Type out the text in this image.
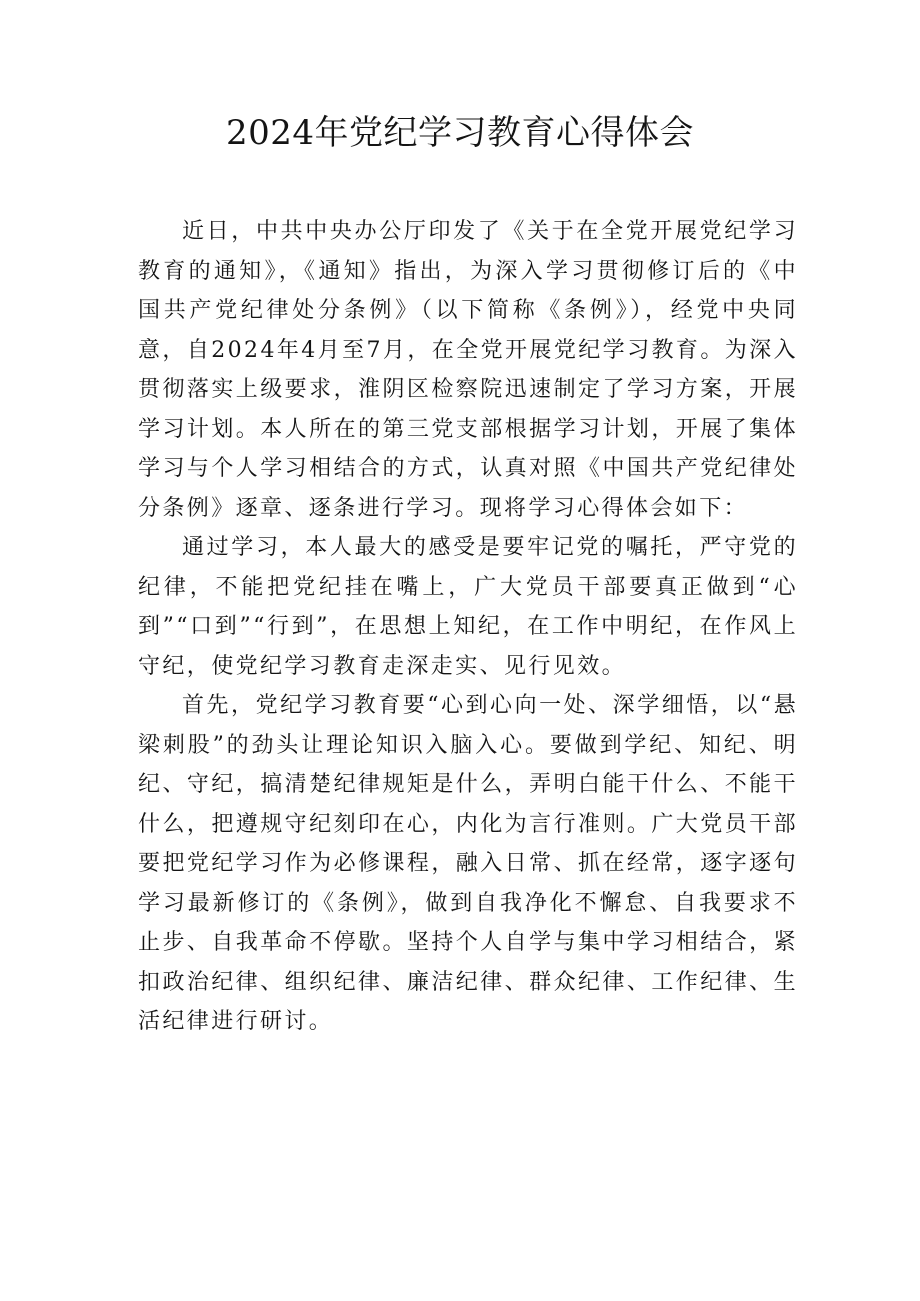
2024年党纪学习教育心得体会

近日，中共中央办公厅印发了《关于在全党开展党纪学习教育的通知》，《通知》指出，为深入学习贯彻修订后的《中国共产党纪律处分条例》（以下简称《条例》），经党中央同意，自2024年4月至7月，在全党开展党纪学习教育。为深入贯彻落实上级要求，淮阴区检察院迅速制定了学习方案，开展学习计划。本人所在的第三党支部根据学习计划，开展了集体学习与个人学习相结合的方式，认真对照《中国共产党纪律处分条例》逐章、逐条进行学习。现将学习心得体会如下：

通过学习，本人最大的感受是要牢记党的嘱托，严守党的纪律，不能把党纪挂在嘴上，广大党员干部要真正做到“心到”“口到”“行到”，在思想上知纪，在工作中明纪，在作风上守纪，使党纪学习教育走深走实、见行见效。

首先，党纪学习教育要“心到心向一处、深学细悟，以“悬梁刺股”的劲头让理论知识入脑入心。要做到学纪、知纪、明纪、守纪，搞清楚纪律规矩是什么，弄明白能干什么、不能干什么，把遵规守纪刻印在心，内化为言行准则。广大党员干部要把党纪学习作为必修课程，融入日常、抓在经常，逐字逐句学习最新修订的《条例》，做到自我净化不懈怠、自我要求不止步、自我革命不停歇。坚持个人自学与集中学习相结合，紧扣政治纪律、组织纪律、廉洁纪律、群众纪律、工作纪律、生活纪律进行研讨。
